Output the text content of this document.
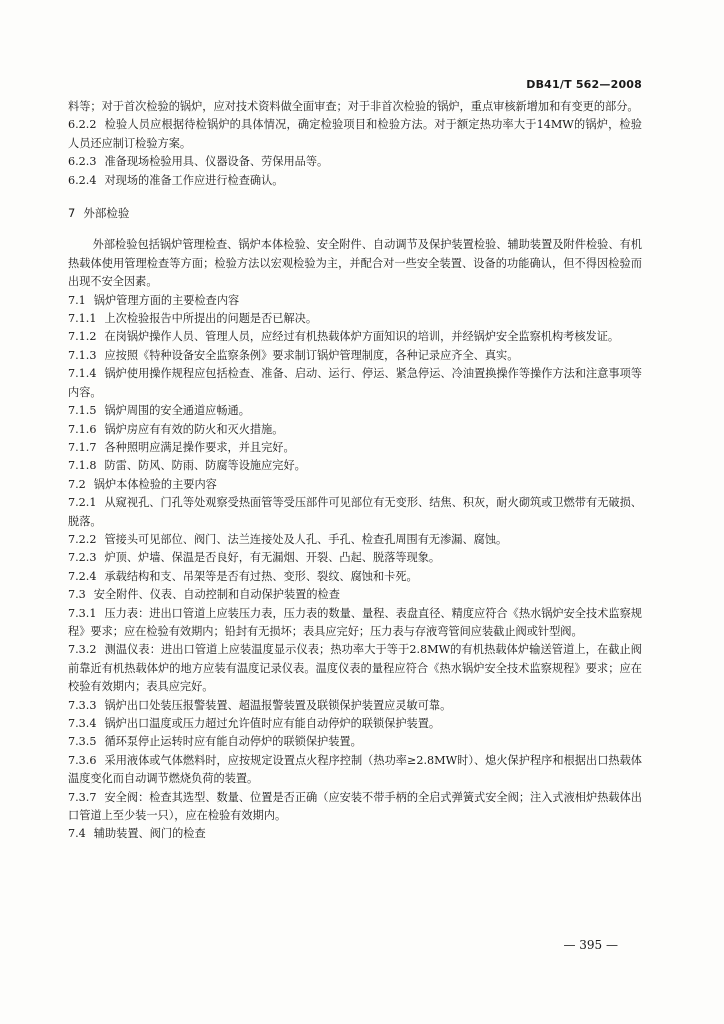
DB41/T 562—2008

料等；对于首次检验的锅炉，应对技术资料做全面审查；对于非首次检验的锅炉，重点审核新增加和有变更的部分。

6.2.2 检验人员应根据待检锅炉的具体情况，确定检验项目和检验方法。对于额定热功率大于14MW的锅炉，检验人员还应制订检验方案。

6.2.3 准备现场检验用具、仪器设备、劳保用品等。

6.2.4 对现场的准备工作应进行检查确认。

7 外部检验

外部检验包括锅炉管理检查、锅炉本体检验、安全附件、自动调节及保护装置检验、辅助装置及附件检验、有机热载体使用管理检查等方面；检验方法以宏观检验为主，并配合对一些安全装置、设备的功能确认，但不得因检验而出现不安全因素。

7.1 锅炉管理方面的主要检查内容

7.1.1 上次检验报告中所提出的问题是否已解决。

7.1.2 在岗锅炉操作人员、管理人员，应经过有机热载体炉方面知识的培训，并经锅炉安全监察机构考核发证。

7.1.3 应按照《特种设备安全监察条例》要求制订锅炉管理制度，各种记录应齐全、真实。

7.1.4 锅炉使用操作规程应包括检查、准备、启动、运行、停运、紧急停运、冷油置换操作等操作方法和注意事项等内容。

7.1.5 锅炉周围的安全通道应畅通。

7.1.6 锅炉房应有有效的防火和灭火措施。

7.1.7 各种照明应满足操作要求，并且完好。

7.1.8 防雷、防风、防雨、防腐等设施应完好。

7.2 锅炉本体检验的主要内容

7.2.1 从窥视孔、门孔等处观察受热面管等受压部件可见部位有无变形、结焦、积灰，耐火砌筑或卫燃带有无破损、脱落。

7.2.2 管接头可见部位、阀门、法兰连接处及人孔、手孔、检查孔周围有无渗漏、腐蚀。

7.2.3 炉顶、炉墙、保温是否良好，有无漏烟、开裂、凸起、脱落等现象。

7.2.4 承载结构和支、吊架等是否有过热、变形、裂纹、腐蚀和卡死。

7.3 安全附件、仪表、自动控制和自动保护装置的检查

7.3.1 压力表：进出口管道上应装压力表，压力表的数量、量程、表盘直径、精度应符合《热水锅炉安全技术监察规程》要求；应在检验有效期内；铅封有无损坏；表具应完好；压力表与存液弯管间应装截止阀或针型阀。

7.3.2 测温仪表：进出口管道上应装温度显示仪表；热功率大于等于2.8MW的有机热载体炉输送管道上，在截止阀前靠近有机热载体炉的地方应装有温度记录仪表。温度仪表的量程应符合《热水锅炉安全技术监察规程》要求；应在校验有效期内；表具应完好。

7.3.3 锅炉出口处装压报警装置、超温报警装置及联锁保护装置应灵敏可靠。

7.3.4 锅炉出口温度或压力超过允许值时应有能自动停炉的联锁保护装置。

7.3.5 循环泵停止运转时应有能自动停炉的联锁保护装置。

7.3.6 采用液体或气体燃料时，应按规定设置点火程序控制（热功率≥2.8MW时）、熄火保护程序和根据出口热载体温度变化而自动调节燃烧负荷的装置。

7.3.7 安全阀：检查其选型、数量、位置是否正确（应安装不带手柄的全启式弹簧式安全阀；注入式液相炉热载体出口管道上至少装一只），应在检验有效期内。

7.4 辅助装置、阀门的检查

— 395 —
